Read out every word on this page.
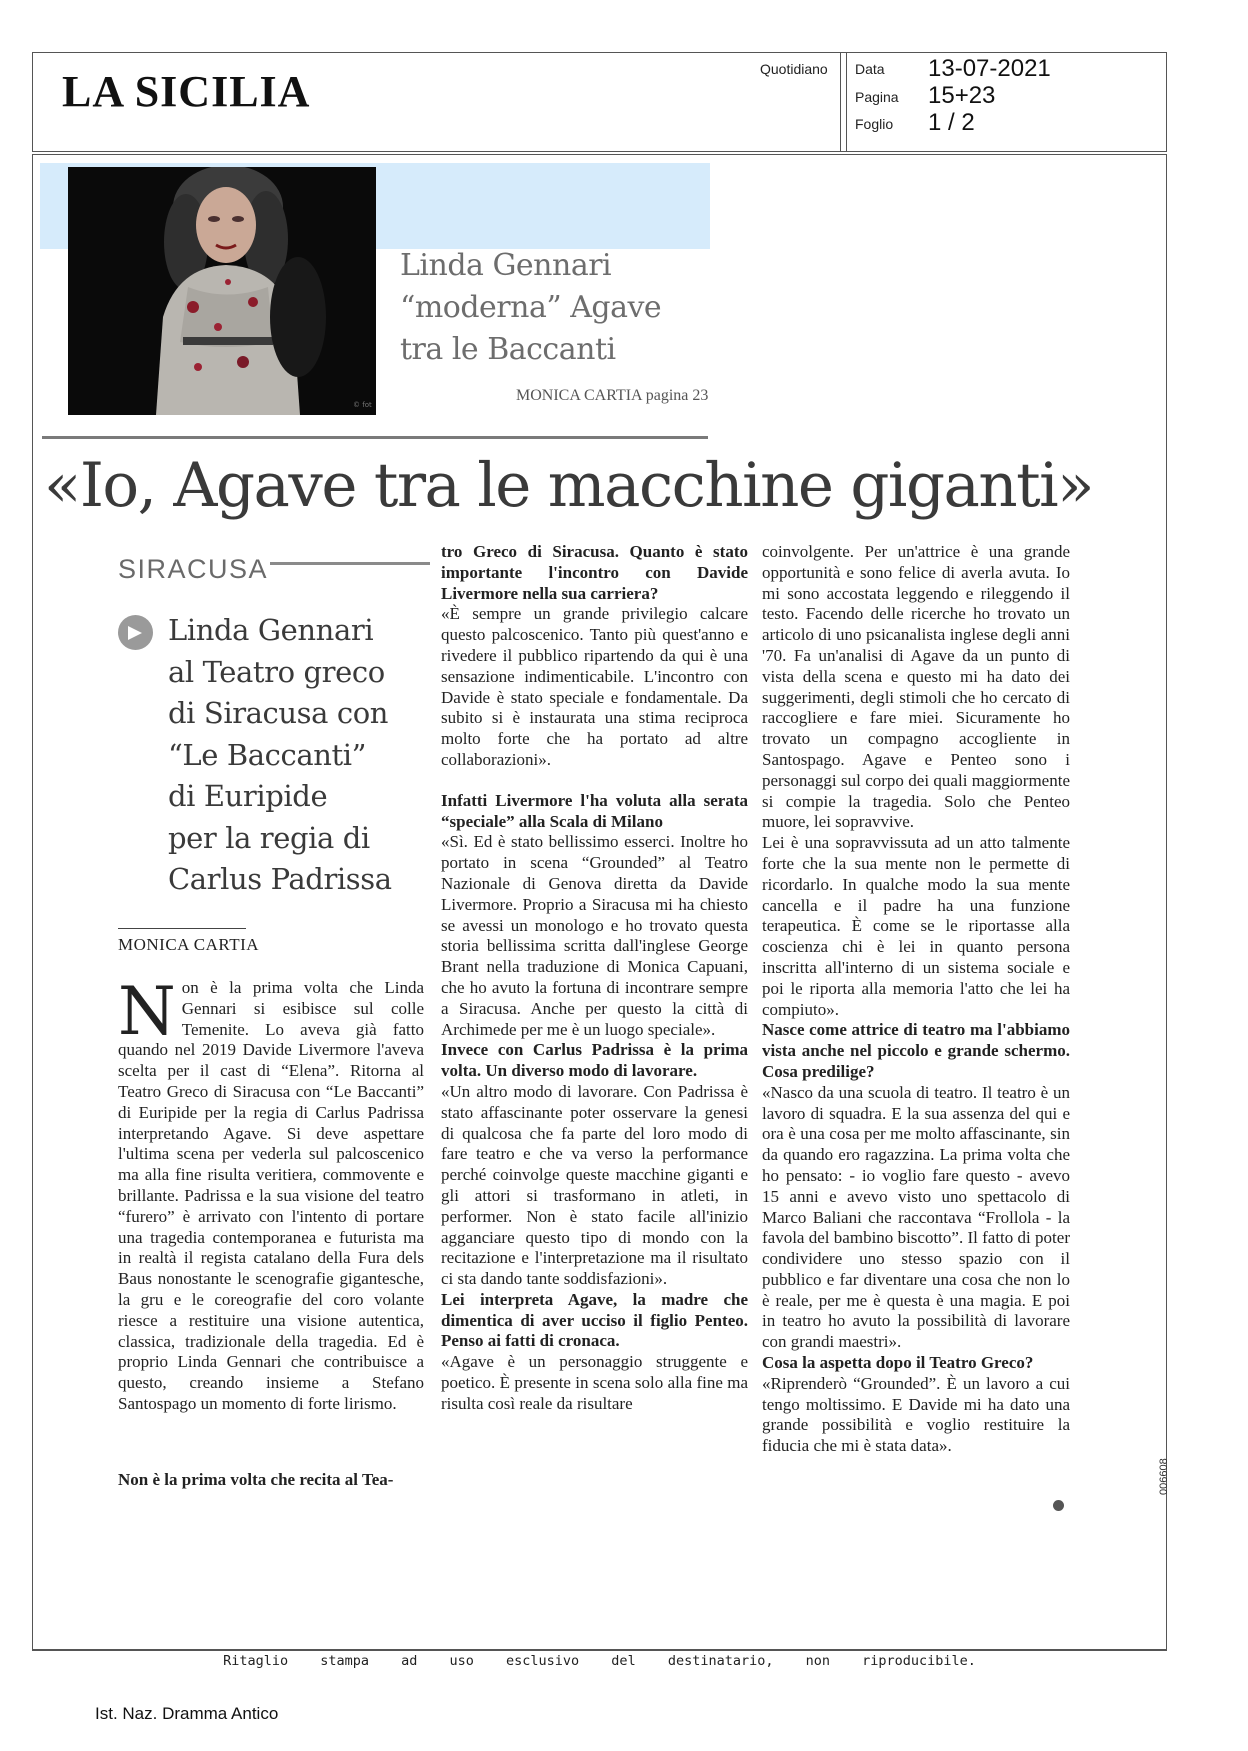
LA SICILIA	Quotidiano Data 13-07-2021
Pagina 15+23
Foglio 1 / 2
© fot
Linda Gennari
“moderna” Agave
tra le Baccanti
MONICA CARTIA pagina 23
«Io, Agave tra le macchine giganti»
SIRACUSA
Linda Gennari
al Teatro greco
di Siracusa con
“Le Baccanti”
di Euripide
per la regia di
Carlus Padrissa
MONICA CARTIA
N on è la prima volta che Linda Gennari si esibisce sul colle Temenite. Lo aveva già fatto quando nel 2019 Davide Livermore l'aveva scelta per il cast di “Elena”. Ritorna al Teatro Greco di Siracusa con “Le Baccanti” di Euripide per la regia di Carlus Padrissa interpretando Agave. Si deve aspettare l'ultima scena per vederla sul palcoscenico ma alla fine risulta veritiera, commovente e brillante. Padrissa e la sua visione del teatro “furero” è arrivato con l'intento di portare una tragedia contemporanea e futurista ma in realtà il regista catalano della Fura dels Baus nonostante le scenografie gigantesche, la gru e le coreografie del coro volante riesce a restituire una visione autentica, classica, tradizionale della tragedia. Ed è proprio Linda Gennari che contribuisce a questo, creando insieme a Stefano Santospago un momento di forte lirismo.

Non è la prima volta che recita al Tea-

tro Greco di Siracusa. Quanto è stato importante l'incontro con Davide Livermore nella sua carriera?

«È sempre un grande privilegio calcare questo palcoscenico. Tanto più quest'anno e rivedere il pubblico ripartendo da qui è una sensazione indimenticabile. L'incontro con Davide è stato speciale e fondamentale. Da subito si è instaurata una stima reciproca molto forte che ha portato ad altre collaborazioni».

Infatti Livermore l'ha voluta alla serata “speciale” alla Scala di Milano

«Sì. Ed è stato bellissimo esserci. Inoltre ho portato in scena “Grounded” al Teatro Nazionale di Genova diretta da Davide Livermore. Proprio a Siracusa mi ha chiesto se avessi un monologo e ho trovato questa storia bellissima scritta dall'inglese George Brant nella traduzione di Monica Capuani, che ho avuto la fortuna di incontrare sempre a Siracusa. Anche per questo la città di Archimede per me è un luogo speciale».

Invece con Carlus Padrissa è la prima volta. Un diverso modo di lavorare.

«Un altro modo di lavorare. Con Padrissa è stato affascinante poter osservare la genesi di qualcosa che fa parte del loro modo di fare teatro e che va verso la performance perché coinvolge queste macchine giganti e gli attori si trasformano in atleti, in performer. Non è stato facile all'inizio agganciare questo tipo di mondo con la recitazione e l'interpretazione ma il risultato ci sta dando tante soddisfazioni».

Lei interpreta Agave, la madre che dimentica di aver ucciso il figlio Penteo. Penso ai fatti di cronaca.

«Agave è un personaggio struggente e poetico. È presente in scena solo alla fine ma risulta così reale da risultare

coinvolgente. Per un'attrice è una grande opportunità e sono felice di averla avuta. Io mi sono accostata leggendo e rileggendo il testo. Facendo delle ricerche ho trovato un articolo di uno psicanalista inglese degli anni '70. Fa un'analisi di Agave da un punto di vista della scena e questo mi ha dato dei suggerimenti, degli stimoli che ho cercato di raccogliere e fare miei. Sicuramente ho trovato un compagno accogliente in Santospago. Agave e Penteo sono i personaggi sul corpo dei quali maggiormente si compie la tragedia. Solo che Penteo muore, lei sopravvive.

Lei è una sopravvissuta ad un atto talmente forte che la sua mente non le permette di ricordarlo. In qualche modo la sua mente cancella e il padre ha una funzione terapeutica. È come se le riportasse alla coscienza chi è lei in quanto persona inscritta all'interno di un sistema sociale e poi le riporta alla memoria l'atto che lei ha compiuto».

Nasce come attrice di teatro ma l'abbiamo vista anche nel piccolo e grande schermo. Cosa predilige?

«Nasco da una scuola di teatro. Il teatro è un lavoro di squadra. E la sua assenza del qui e ora è una cosa per me molto affascinante, sin da quando ero ragazzina. La prima volta che ho pensato: - io voglio fare questo - avevo 15 anni e avevo visto uno spettacolo di Marco Baliani che raccontava “Frollola - la favola del bambino biscotto”. Il fatto di poter condividere uno stesso spazio con il pubblico e far diventare una cosa che non lo è reale, per me è questa è una magia. E poi in teatro ho avuto la possibilità di lavorare con grandi maestri».

Cosa la aspetta dopo il Teatro Greco?

«Riprenderò “Grounded”. È un lavoro a cui tengo moltissimo. E Davide mi ha dato una grande possibilità e voglio restituire la fiducia che mi è stata data».

006608
Ritaglio stampa ad uso esclusivo del destinatario, non riproducibile.
Ist. Naz. Dramma Antico
